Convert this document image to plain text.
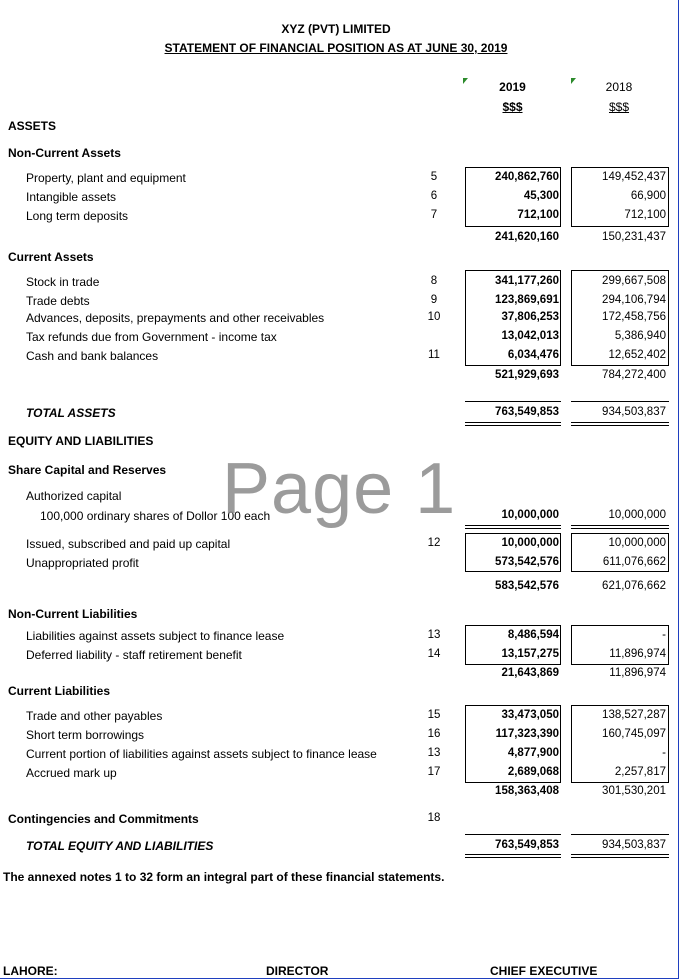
XYZ (PVT) LIMITED
STATEMENT OF FINANCIAL POSITION AS AT JUNE 30, 2019
2019	2018
$$$	$$$
ASSETS
Non-Current Assets
Property, plant and equipment	5	240,862,760	149,452,437
Intangible assets	6	45,300	66,900
Long term deposits	7	712,100	712,100
241,620,160	150,231,437
Current Assets
Stock in trade	8	341,177,260	299,667,508
Trade debts	9	123,869,691	294,106,794
Advances, deposits, prepayments and other receivables	10	37,806,253	172,458,756
Tax refunds due from Government - income tax	13,042,013	5,386,940
Cash and bank balances	11	6,034,476	12,652,402
521,929,693	784,272,400
TOTAL ASSETS	763,549,853	934,503,837
EQUITY AND LIABILITIES
Share Capital and Reserves
Authorized capital
100,000 ordinary shares of Dollor 100 each	10,000,000	10,000,000
Issued, subscribed and paid up capital	12	10,000,000	10,000,000
Unappropriated profit	573,542,576	611,076,662
583,542,576	621,076,662
Non-Current Liabilities
Liabilities against assets subject to finance lease	13	8,486,594	-
Deferred liability - staff retirement benefit	14	13,157,275	11,896,974
21,643,869	11,896,974
Current Liabilities
Trade and other payables	15	33,473,050	138,527,287
Short term borrowings	16	117,323,390	160,745,097
Current portion of liabilities against assets subject to finance lease	13	4,877,900	-
Accrued mark up	17	2,689,068	2,257,817
158,363,408	301,530,201
Contingencies and Commitments	18
TOTAL EQUITY AND LIABILITIES	763,549,853	934,503,837
The annexed notes 1 to 32 form an integral part of these financial statements.
LAHORE:	DIRECTOR	CHIEF EXECUTIVE
Page 1
